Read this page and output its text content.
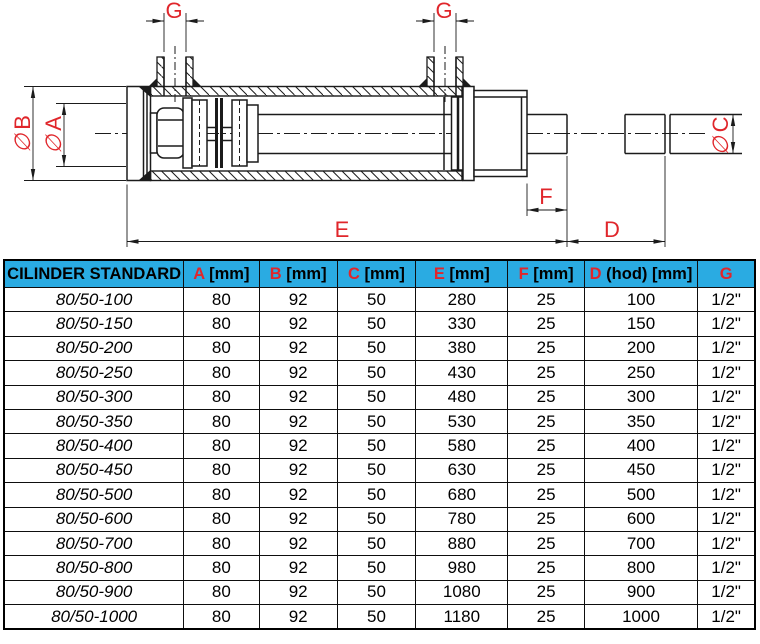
G	G
∅B
∅A
∅C
E
F
D
CILINDER STANDARD	A [mm]	B [mm]	C [mm]	E [mm]	F [mm]	D (hod) [mm]	G
80/50-100	80	92	50	280	25	100	1/2"
80/50-150	80	92	50	330	25	150	1/2"
80/50-200	80	92	50	380	25	200	1/2"
80/50-250	80	92	50	430	25	250	1/2"
80/50-300	80	92	50	480	25	300	1/2"
80/50-350	80	92	50	530	25	350	1/2"
80/50-400	80	92	50	580	25	400	1/2"
80/50-450	80	92	50	630	25	450	1/2"
80/50-500	80	92	50	680	25	500	1/2"
80/50-600	80	92	50	780	25	600	1/2"
80/50-700	80	92	50	880	25	700	1/2"
80/50-800	80	92	50	980	25	800	1/2"
80/50-900	80	92	50	1080	25	900	1/2"
80/50-1000	80	92	50	1180	25	1000	1/2"
